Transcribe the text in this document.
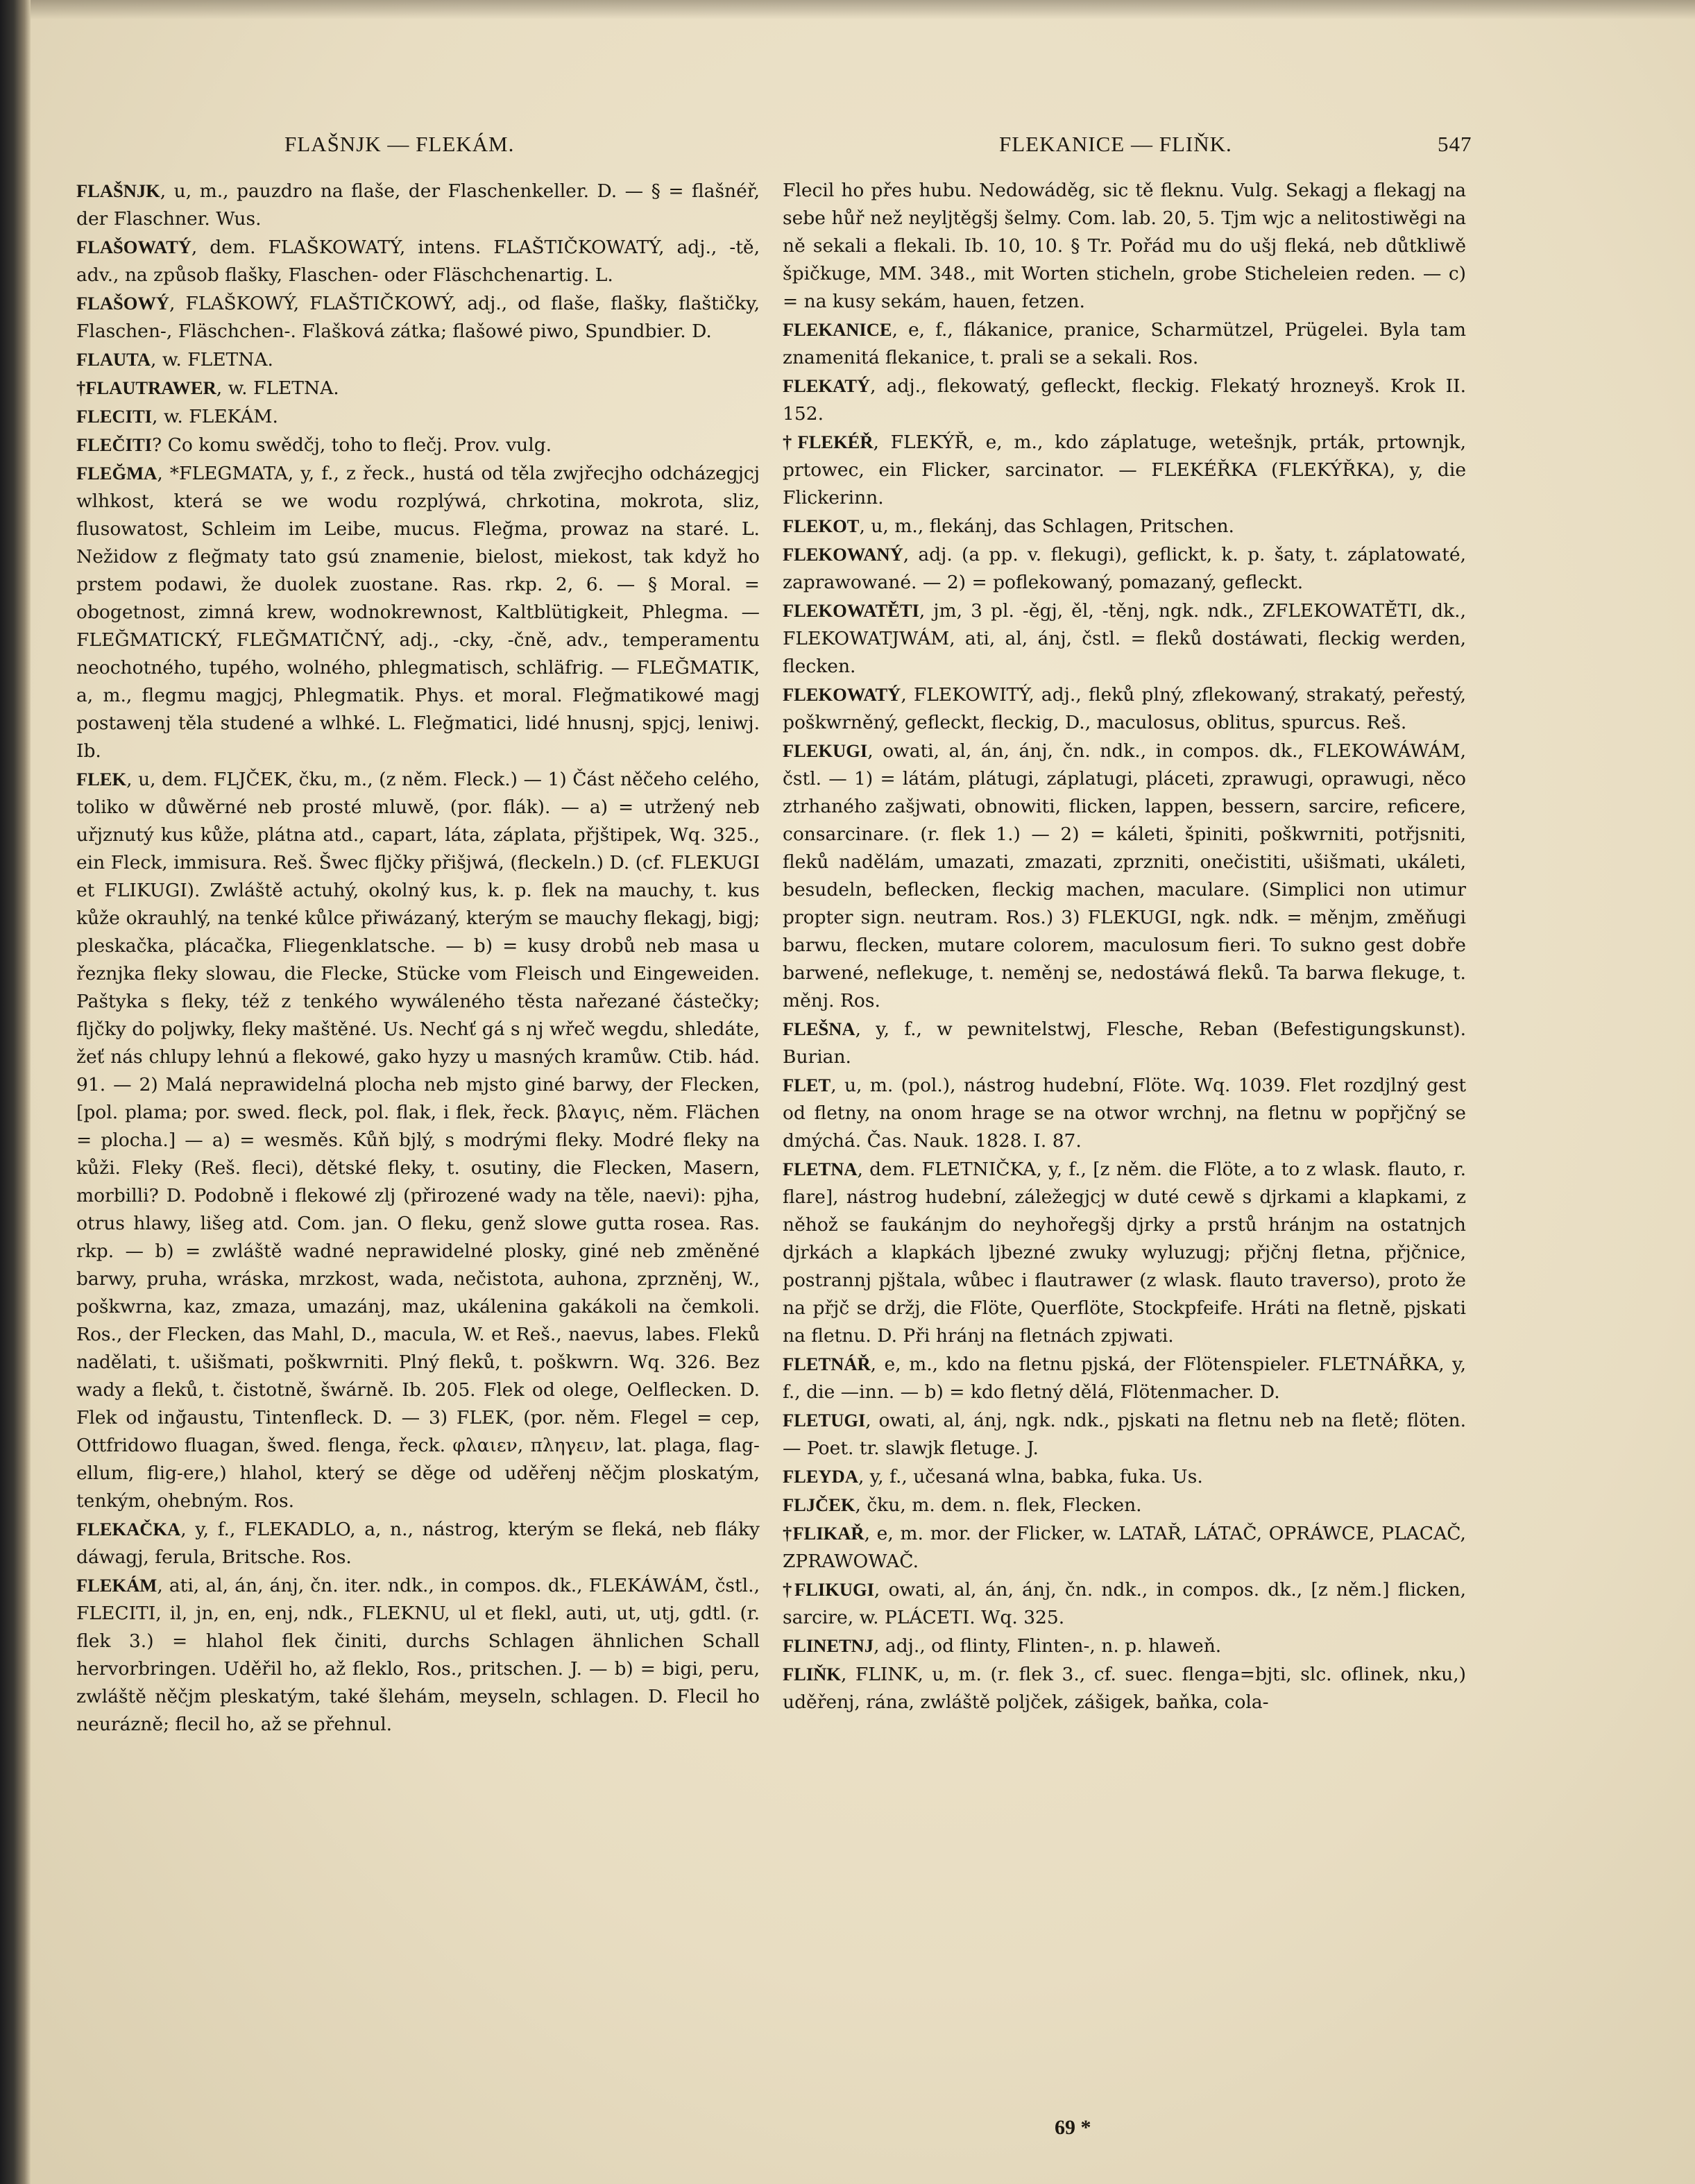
FLAŠNJK — FLEKÁM.	FLEKANICE — FLIŇK.	547

FLAŠNJK, u, m., pauzdro na flaše, der Flaschenkeller. D. — § = flašnéř, der Flaschner. Wus.

FLAŠOWATÝ, dem. FLAŠKOWATÝ, intens. FLAŠTIČKOWATÝ, adj., -tě, adv., na způsob flašky, Flaschen- oder Fläschchenartig. L.

FLAŠOWÝ, FLAŠKOWÝ, FLAŠTIČKOWÝ, adj., od flaše, flašky, flaštičky, Flaschen-, Fläschchen-. Flašková zátka; flašowé piwo, Spundbier. D.

FLAUTA, w. FLETNA.

†FLAUTRAWER, w. FLETNA.

FLECITI, w. FLEKÁM.

FLEČITI? Co komu swědčj, toho to flečj. Prov. vulg.

FLEĞMA, *FLEGMATA, y, f., z řeck., hustá od těla zwjřecjho odcházegjcj wlhkost, která se we wodu rozplýwá, chrkotina, mokrota, sliz, flusowatost, Schleim im Leibe, mucus. Fleğma, prowaz na staré. L. Nežidow z fleğmaty tato gsú znamenie, bielost, miekost, tak když ho prstem podawi, že duolek zuostane. Ras. rkp. 2, 6. — § Moral. = obogetnost, zimná krew, wodnokrewnost, Kaltblütigkeit, Phlegma. — FLEĞMATICKÝ, FLEĞMATIČNÝ, adj., -cky, -čně, adv., temperamentu neochotného, tupého, wolného, phlegmatisch, schläfrig. — FLEĞMATIK, a, m., flegmu magjcj, Phlegmatik. Phys. et moral. Fleğmatikowé magj postawenj těla studené a wlhké. L. Fleğmatici, lidé hnusnj, spjcj, leniwj. Ib.

FLEK, u, dem. FLJČEK, čku, m., (z něm. Fleck.) — 1) Část něčeho celého, toliko w důwěrné neb prosté mluwě, (por. flák). — a) = utržený neb uřjznutý kus kůže, plátna atd., capart, láta, záplata, přjštipek, Wq. 325., ein Fleck, immisura. Reš. Šwec fljčky přišjwá, (fleckeln.) D. (cf. FLEKUGI et FLIKUGI). Zwláště actuhý, okolný kus, k. p. flek na mauchy, t. kus kůže okrauhlý, na tenké kůlce přiwázaný, kterým se mauchy flekagj, bigj; pleskačka, plácačka, Fliegenklatsche. — b) = kusy drobů neb masa u řeznjka fleky slowau, die Flecke, Stücke vom Fleisch und Eingeweiden. Paštyka s fleky, též z tenkého wywáleného těsta nařezané částečky; fljčky do poljwky, fleky maštěné. Us. Nechť gá s nj wřeč wegdu, shledáte, žeť nás chlupy lehnú a flekowé, gako hyzy u masných kramůw. Ctib. hád. 91. — 2) Malá neprawidelná plocha neb mjsto giné barwy, der Flecken, [pol. plama; por. swed. fleck, pol. flak, i flek, řeck. βλαγις, něm. Flächen = plocha.] — a) = wesměs. Kůň bjlý, s modrými fleky. Modré fleky na kůži. Fleky (Reš. fleci), dětské fleky, t. osutiny, die Flecken, Masern, morbilli? D. Podobně i flekowé zlj (přirozené wady na těle, naevi): pjha, otrus hlawy, lišeg atd. Com. jan. O fleku, genž slowe gutta rosea. Ras. rkp. — b) = zwláště wadné neprawidelné plosky, giné neb změněné barwy, pruha, wráska, mrzkost, wada, nečistota, auhona, zprzněnj, W., poškwrna, kaz, zmaza, umazánj, maz, ukálenina gakákoli na čemkoli. Ros., der Flecken, das Mahl, D., macula, W. et Reš., naevus, labes. Fleků nadělati, t. ušišmati, poškwrniti. Plný fleků, t. poškwrn. Wq. 326. Bez wady a fleků, t. čistotně, šwárně. Ib. 205. Flek od olege, Oelflecken. D. Flek od inğaustu, Tintenfleck. D. — 3) FLEK, (por. něm. Flegel = cep, Ottfridowo fluagan, šwed. flenga, řeck. φλαιεν, πληγειν, lat. plaga, flag-ellum, flig-ere,) hlahol, který se děge od uděřenj něčjm ploskatým, tenkým, ohebným. Ros.

FLEKAČKA, y, f., FLEKADLO, a, n., nástrog, kterým se fleká, neb fláky dáwagj, ferula, Britsche. Ros.

FLEKÁM, ati, al, án, ánj, čn. iter. ndk., in compos. dk., FLEKÁWÁM, čstl., FLECITI, il, jn, en, enj, ndk., FLEKNU, ul et flekl, auti, ut, utj, gdtl. (r. flek 3.) = hlahol flek činiti, durchs Schlagen ähnlichen Schall hervorbringen. Uděřil ho, až fleklo, Ros., pritschen. J. — b) = bigi, peru, zwláště něčjm pleskatým, také šlehám, meyseln, schlagen. D. Flecil ho neurázně; flecil ho, až se přehnul.

Flecil ho přes hubu. Nedowáděg, sic tě fleknu. Vulg. Sekagj a flekagj na sebe hůř než neyljtěgšj šelmy. Com. lab. 20, 5. Tjm wjc a nelitostiwěgi na ně sekali a flekali. Ib. 10, 10. § Tr. Pořád mu do ušj fleká, neb důtkliwě špičkuge, MM. 348., mit Worten sticheln, grobe Sticheleien reden. — c) = na kusy sekám, hauen, fetzen.

FLEKANICE, e, f., flákanice, pranice, Scharmützel, Prügelei. Byla tam znamenitá flekanice, t. prali se a sekali. Ros.

FLEKATÝ, adj., flekowatý, gefleckt, fleckig. Flekatý hrozneyš. Krok II. 152.

†FLEKÉŘ, FLEKÝŘ, e, m., kdo záplatuge, wetešnjk, prták, prtownjk, prtowec, ein Flicker, sarcinator. — FLEKÉŘKA (FLEKÝŘKA), y, die Flickerinn.

FLEKOT, u, m., flekánj, das Schlagen, Pritschen.

FLEKOWANÝ, adj. (a pp. v. flekugi), geflickt, k. p. šaty, t. záplatowaté, zaprawowané. — 2) = poflekowaný, pomazaný, gefleckt.

FLEKOWATĚTI, jm, 3 pl. -ěgj, ěl, -těnj, ngk. ndk., ZFLEKOWATĚTI, dk., FLEKOWATJWÁM, ati, al, ánj, čstl. = fleků dostáwati, fleckig werden, flecken.

FLEKOWATÝ, FLEKOWITÝ, adj., fleků plný, zflekowaný, strakatý, peřestý, poškwrněný, gefleckt, fleckig, D., maculosus, oblitus, spurcus. Reš.

FLEKUGI, owati, al, án, ánj, čn. ndk., in compos. dk., FLEKOWÁWÁM, čstl. — 1) = látám, plátugi, záplatugi, pláceti, zprawugi, oprawugi, něco ztrhaného zašjwati, obnowiti, flicken, lappen, bessern, sarcire, reficere, consarcinare. (r. flek 1.) — 2) = káleti, špiniti, poškwrniti, potřjsniti, fleků nadělám, umazati, zmazati, zprzniti, onečistiti, ušišmati, ukáleti, besudeln, beflecken, fleckig machen, maculare. (Simplici non utimur propter sign. neutram. Ros.) 3) FLEKUGI, ngk. ndk. = měnjm, změňugi barwu, flecken, mutare colorem, maculosum fieri. To sukno gest dobře barwené, neflekuge, t. neměnj se, nedostáwá fleků. Ta barwa flekuge, t. měnj. Ros.

FLEŠNA, y, f., w pewnitelstwj, Flesche, Reban (Befestigungskunst). Burian.

FLET, u, m. (pol.), nástrog hudební, Flöte. Wq. 1039. Flet rozdjlný gest od fletny, na onom hrage se na otwor wrchnj, na fletnu w popřjčný se dmýchá. Čas. Nauk. 1828. I. 87.

FLETNA, dem. FLETNIČKA, y, f., [z něm. die Flöte, a to z wlask. flauto, r. flare], nástrog hudební, záležegjcj w duté cewě s djrkami a klapkami, z něhož se faukánjm do neyhořegšj djrky a prstů hránjm na ostatnjch djrkách a klapkách ljbezné zwuky wyluzugj; přjčnj fletna, přjčnice, postrannj pjštala, wůbec i flautrawer (z wlask. flauto traverso), proto že na přjč se držj, die Flöte, Querflöte, Stockpfeife. Hráti na fletně, pjskati na fletnu. D. Při hránj na fletnách zpjwati.

FLETNÁŘ, e, m., kdo na fletnu pjská, der Flötenspieler. FLETNÁŘKA, y, f., die —inn. — b) = kdo fletný dělá, Flötenmacher. D.

FLETUGI, owati, al, ánj, ngk. ndk., pjskati na fletnu neb na fletě; flöten. — Poet. tr. slawjk fletuge. J.

FLEYDA, y, f., učesaná wlna, babka, fuka. Us.

FLJČEK, čku, m. dem. n. flek, Flecken.

†FLIKAŘ, e, m. mor. der Flicker, w. LATAŘ, LÁTAČ, OPRÁWCE, PLACAČ, ZPRAWOWAČ.

†FLIKUGI, owati, al, án, ánj, čn. ndk., in compos. dk., [z něm.] flicken, sarcire, w. PLÁCETI. Wq. 325.

FLINETNJ, adj., od flinty, Flinten-, n. p. hlaweň.

FLIŇK, FLINK, u, m. (r. flek 3., cf. suec. flenga=bjti, slc. oflinek, nku,) uděřenj, rána, zwláště poljček, zášigek, baňka, cola-

69 *
